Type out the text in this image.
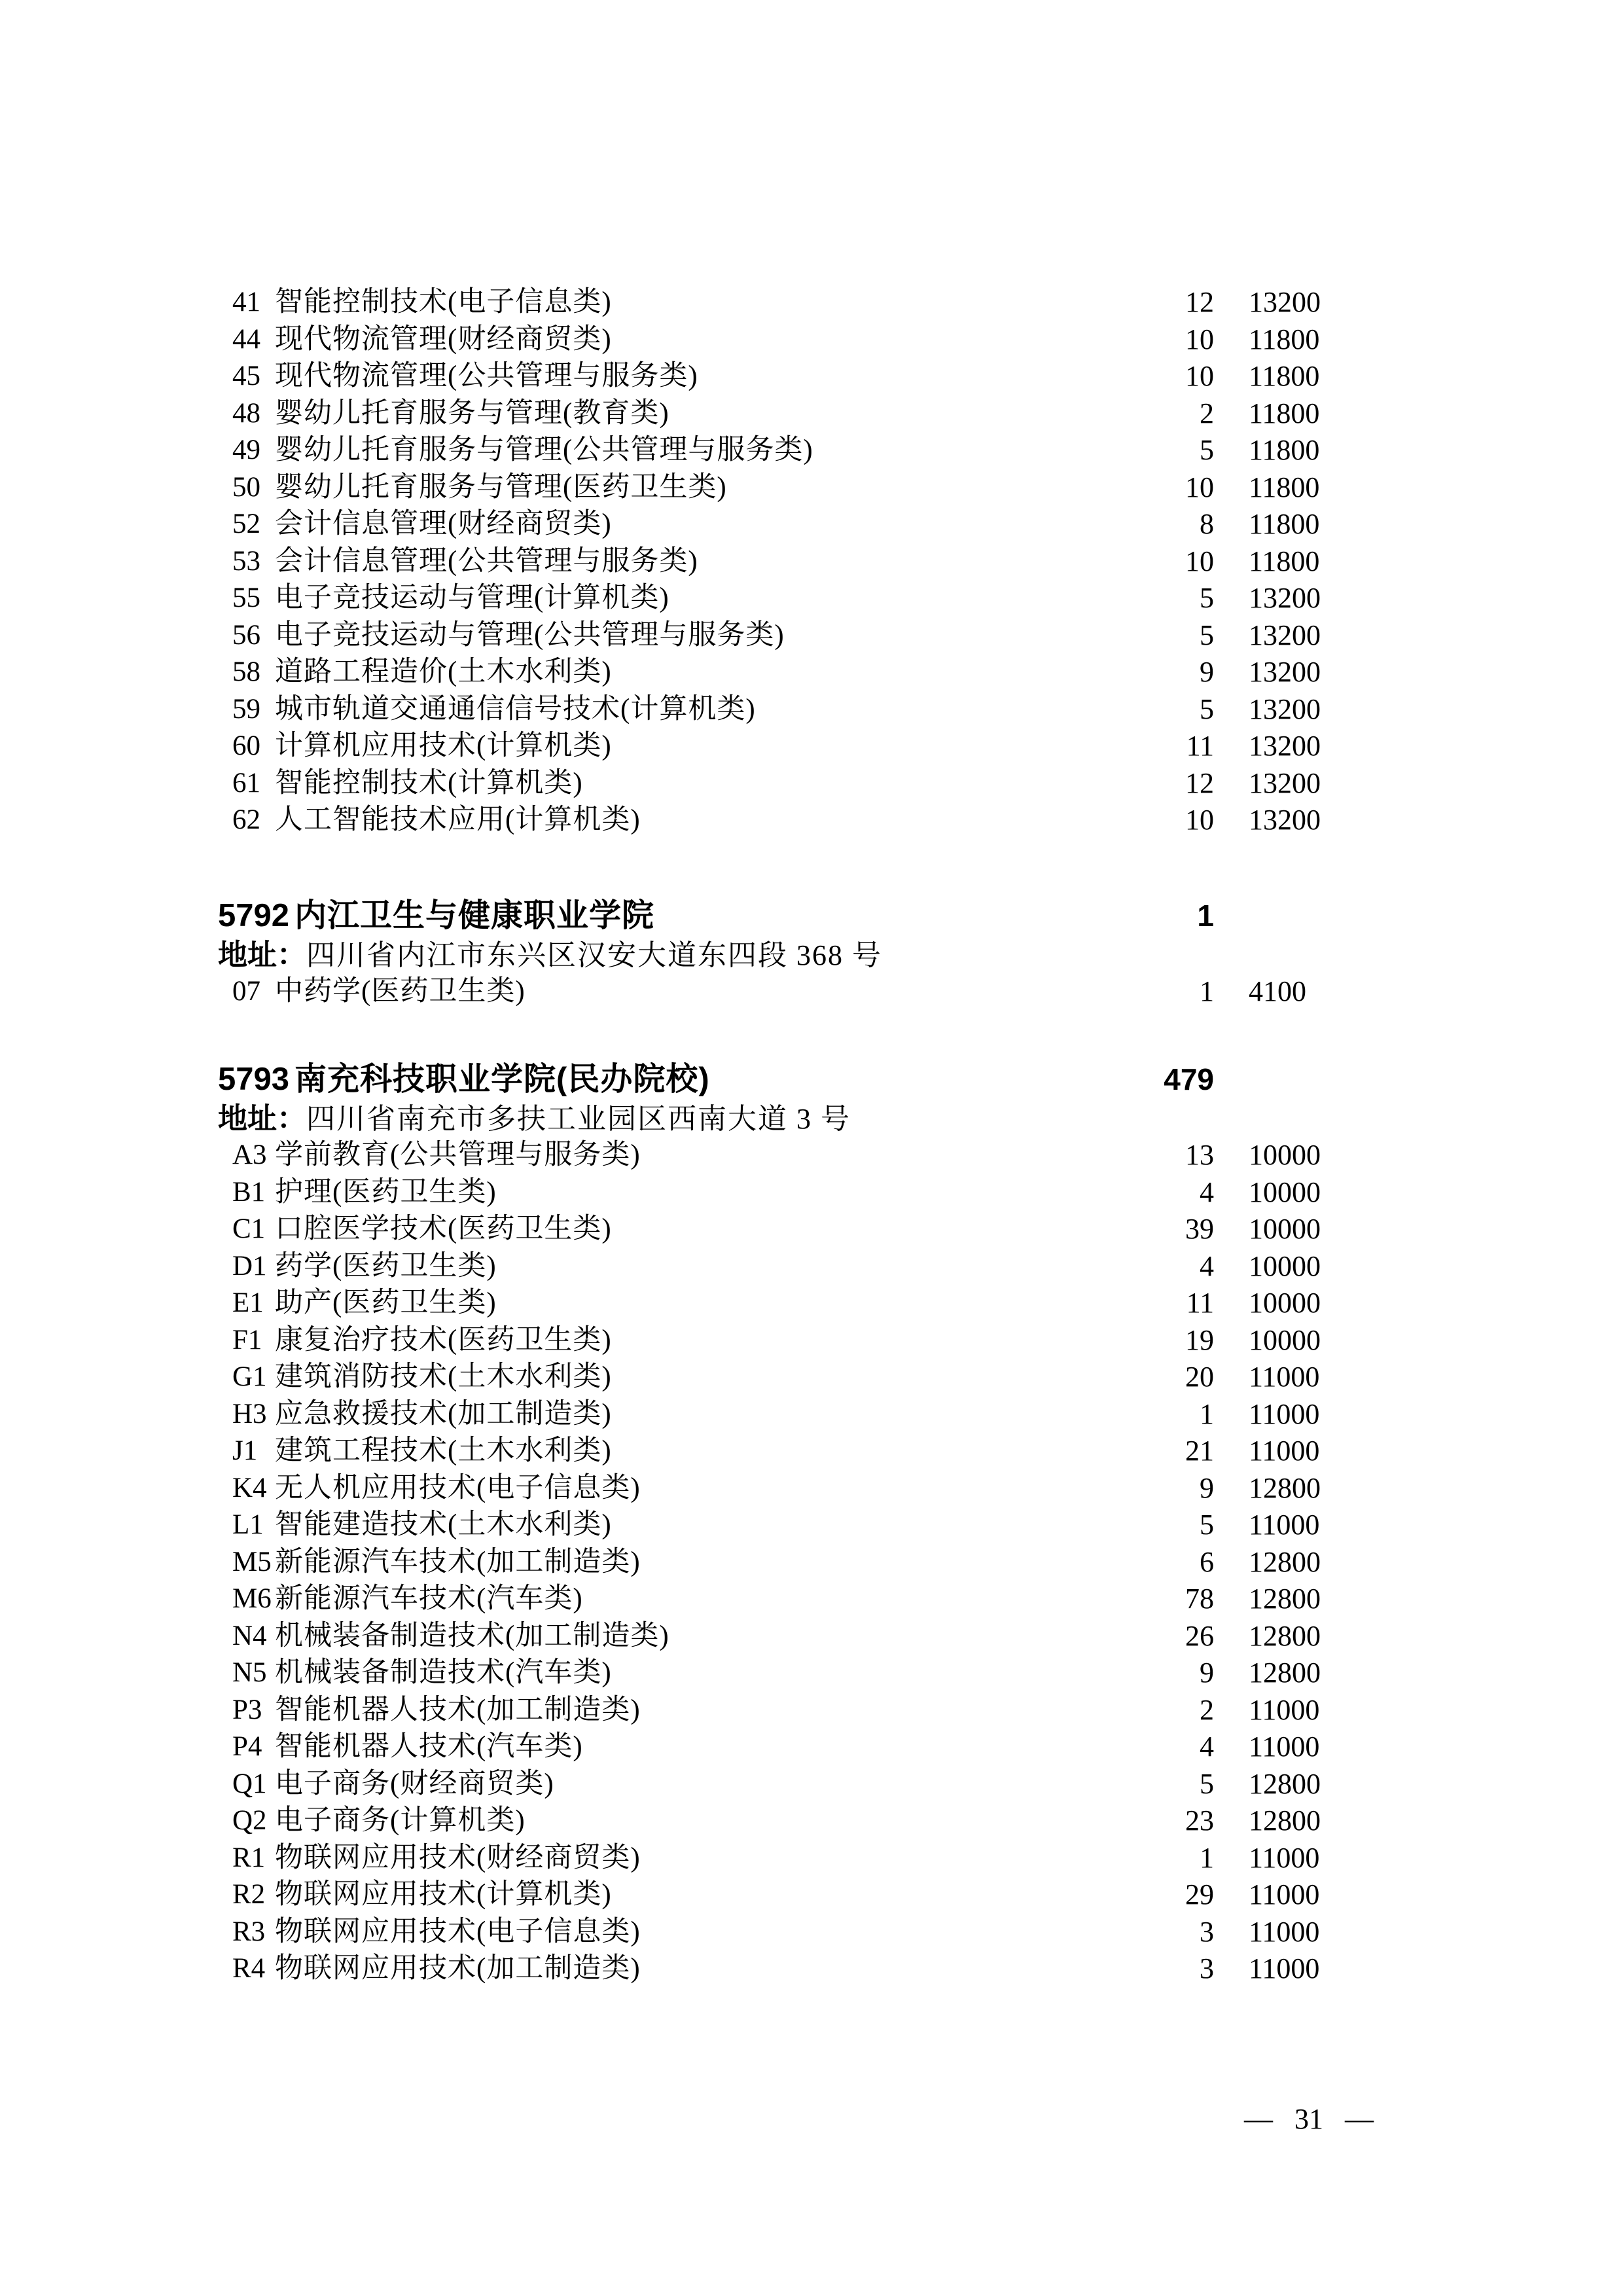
41 智能控制技术(电子信息类)	12 13200
44 现代物流管理(财经商贸类)	10 11800
45 现代物流管理(公共管理与服务类)	10 11800
48 婴幼儿托育服务与管理(教育类)	2 11800
49 婴幼儿托育服务与管理(公共管理与服务类)	5 11800
50 婴幼儿托育服务与管理(医药卫生类)	10 11800
52 会计信息管理(财经商贸类)	8 11800
53 会计信息管理(公共管理与服务类)	10 11800
55 电子竞技运动与管理(计算机类)	5 13200
56 电子竞技运动与管理(公共管理与服务类)	5 13200
58 道路工程造价(土木水利类)	9 13200
59 城市轨道交通通信信号技术(计算机类)	5 13200
60 计算机应用技术(计算机类)	11 13200
61 智能控制技术(计算机类)	12 13200
62 人工智能技术应用(计算机类)	10 13200
5792 内江卫生与健康职业学院	1
地址：四川省内江市东兴区汉安大道东四段 368 号
07 中药学(医药卫生类)	1 4100
5793 南充科技职业学院(民办院校)	479
地址：四川省南充市多扶工业园区西南大道 3 号
A3 学前教育(公共管理与服务类)	13 10000
B1 护理(医药卫生类)	4 10000
C1 口腔医学技术(医药卫生类)	39 10000
D1 药学(医药卫生类)	4 10000
E1 助产(医药卫生类)	11 10000
F1 康复治疗技术(医药卫生类)	19 10000
G1 建筑消防技术(土木水利类)	20 11000
H3 应急救援技术(加工制造类)	1 11000
J1 建筑工程技术(土木水利类)	21 11000
K4 无人机应用技术(电子信息类)	9 12800
L1 智能建造技术(土木水利类)	5 11000
M5 新能源汽车技术(加工制造类)	6 12800
M6 新能源汽车技术(汽车类)	78 12800
N4 机械装备制造技术(加工制造类)	26 12800
N5 机械装备制造技术(汽车类)	9 12800
P3 智能机器人技术(加工制造类)	2 11000
P4 智能机器人技术(汽车类)	4 11000
Q1 电子商务(财经商贸类)	5 12800
Q2 电子商务(计算机类)	23 12800
R1 物联网应用技术(财经商贸类)	1 11000
R2 物联网应用技术(计算机类)	29 11000
R3 物联网应用技术(电子信息类)	3 11000
R4 物联网应用技术(加工制造类)	3 11000
— 31 —
